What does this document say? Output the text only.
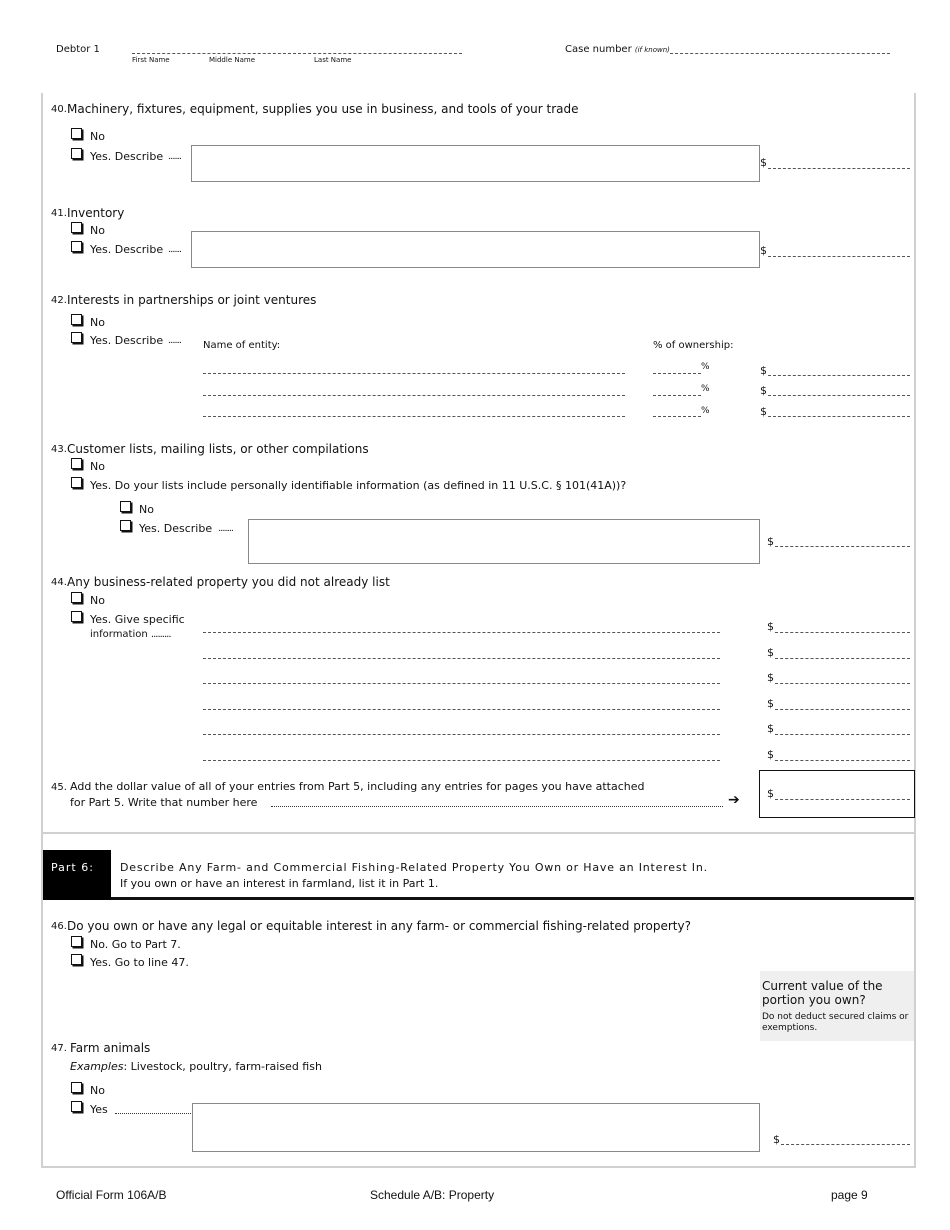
Debtor 1
First Name	Middle Name	Last Name
Case number (if known)
40. Machinery, fixtures, equipment, supplies you use in business, and tools of your trade
No
Yes. Describe .......	$
41. Inventory
No
Yes. Describe .......	$
42. Interests in partnerships or joint ventures
No
Yes. Describe ....... Name of entity:	% of ownership:
%	$
%	$
%	$
43. Customer lists, mailing lists, or other compilations
No
Yes. Do your lists include personally identifiable information (as defined in 11 U.S.C. § 101(41A))?
No
Yes. Describe ........
$
44. Any business-related property you did not already list
No
Yes. Give specific
information .........
$
$
$
$
$
$
45. Add the dollar value of all of your entries from Part 5, including any entries for pages you have attached
for Part 5. Write that number here	➔ $
Part 6:	Describe Any Farm- and Commercial Fishing-Related Property You Own or Have an Interest In.
If you own or have an interest in farmland, list it in Part 1.
46. Do you own or have any legal or equitable interest in any farm- or commercial fishing-related property?
No. Go to Part 7.
Yes. Go to line 47.
Current value of the portion you own?
Do not deduct secured claims or exemptions.
47. Farm animals
Examples: Livestock, poultry, farm-raised fish
No
Yes
$
Official Form 106A/B	Schedule A/B: Property	page 9
